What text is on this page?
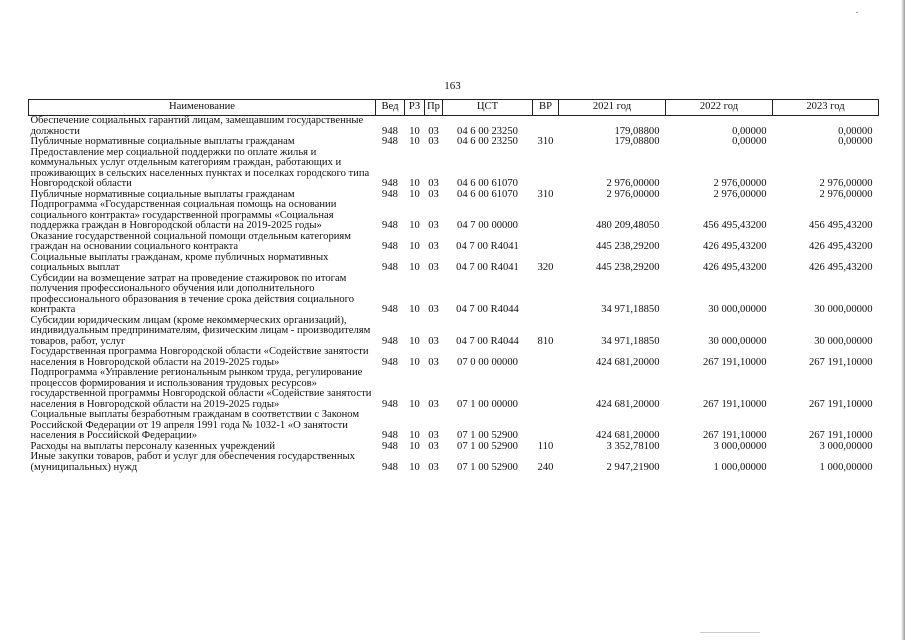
163
Наименование	Вед	РЗ	Пр	ЦСТ	ВР	2021 год	2022 год	2023 год
Обеспечение социальных гарантий лицам, замещавшим государственные должности	948	10	03	04 6 00 23250		179,08800	0,00000	0,00000
Публичные нормативные социальные выплаты гражданам	948	10	03	04 6 00 23250	310	179,08800	0,00000	0,00000
Предоставление мер социальной поддержки по оплате жилья и коммунальных услуг отдельным категориям граждан, работающих и проживающих в сельских населенных пунктах и поселках городского типа Новгородской области	948	10	03	04 6 00 61070		2 976,00000	2 976,00000	2 976,00000
Публичные нормативные социальные выплаты гражданам	948	10	03	04 6 00 61070	310	2 976,00000	2 976,00000	2 976,00000
Подпрограмма «Государственная социальная помощь на основании социального контракта» государственной программы «Социальная поддержка граждан в Новгородской области на 2019-2025 годы»	948	10	03	04 7 00 00000		480 209,48050	456 495,43200	456 495,43200
Оказание государственной социальной помощи отдельным категориям граждан на основании социального контракта	948	10	03	04 7 00 R4041		445 238,29200	426 495,43200	426 495,43200
Социальные выплаты гражданам, кроме публичных нормативных социальных выплат	948	10	03	04 7 00 R4041	320	445 238,29200	426 495,43200	426 495,43200
Субсидии на возмещение затрат на проведение стажировок по итогам получения профессионального обучения или дополнительного профессионального образования в течение срока действия социального контракта	948	10	03	04 7 00 R4044		34 971,18850	30 000,00000	30 000,00000
Субсидии юридическим лицам (кроме некоммерческих организаций), индивидуальным предпринимателям, физическим лицам - производителям товаров, работ, услуг	948	10	03	04 7 00 R4044	810	34 971,18850	30 000,00000	30 000,00000
Государственная программа Новгородской области «Содействие занятости населения в Новгородской области на 2019-2025 годы»	948	10	03	07 0 00 00000		424 681,20000	267 191,10000	267 191,10000
Подпрограмма «Управление региональным рынком труда, регулирование процессов формирования и использования трудовых ресурсов» государственной программы Новгородской области «Содействие занятости населения в Новгородской области на 2019-2025 годы»	948	10	03	07 1 00 00000		424 681,20000	267 191,10000	267 191,10000
Социальные выплаты безработным гражданам в соответствии с Законом Российской Федерации от 19 апреля 1991 года № 1032-1 «О занятости населения в Российской Федерации»	948	10	03	07 1 00 52900		424 681,20000	267 191,10000	267 191,10000
Расходы на выплаты персоналу казенных учреждений	948	10	03	07 1 00 52900	110	3 352,78100	3 000,00000	3 000,00000
Иные закупки товаров, работ и услуг для обеспечения государственных (муниципальных) нужд	948	10	03	07 1 00 52900	240	2 947,21900	1 000,00000	1 000,00000
